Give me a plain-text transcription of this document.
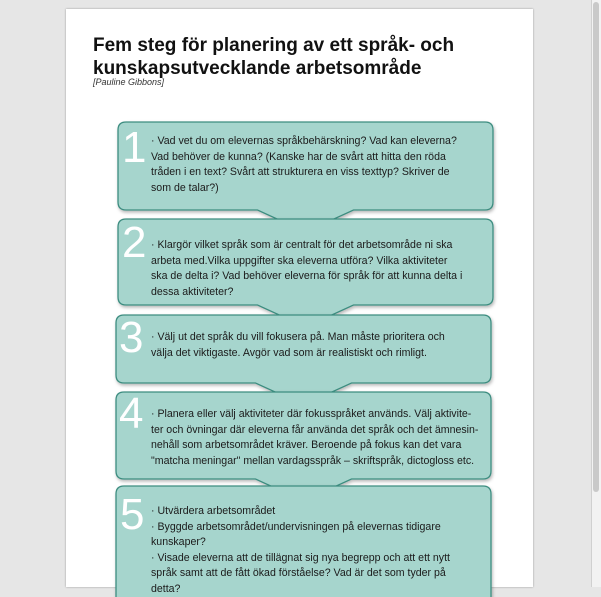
Fem steg för planering av ett språk- och
kunskapsutvecklande arbetsområde
[Pauline Gibbons]
1 · Vad vet du om elevernas språkbehärskning? Vad kan eleverna?
Vad behöver de kunna? (Kanske har de svårt att hitta den röda
tråden i en text? Svårt att strukturera en viss texttyp? Skriver de
som de talar?)
2 · Klargör vilket språk som är centralt för det arbetsområde ni ska
arbeta med.Vilka uppgifter ska eleverna utföra? Vilka aktiviteter
ska de delta i? Vad behöver eleverna för språk för att kunna delta i
dessa aktiviteter?
3 · Välj ut det språk du vill fokusera på. Man måste prioritera och
välja det viktigaste. Avgör vad som är realistiskt och rimligt.
4 · Planera eller välj aktiviteter där fokusspråket används. Välj aktivite-
ter och övningar där eleverna får använda det språk och det ämnesin-
nehåll som arbetsområdet kräver. Beroende på fokus kan det vara
"matcha meningar" mellan vardagsspråk – skriftspråk, dictogloss etc.
5 · Utvärdera arbetsområdet
· Byggde arbetsområdet/undervisningen på elevernas tidigare
kunskaper?
· Visade eleverna att de tillägnat sig nya begrepp och att ett nytt
språk samt att de fått ökad förståelse? Vad är det som tyder på
detta?
